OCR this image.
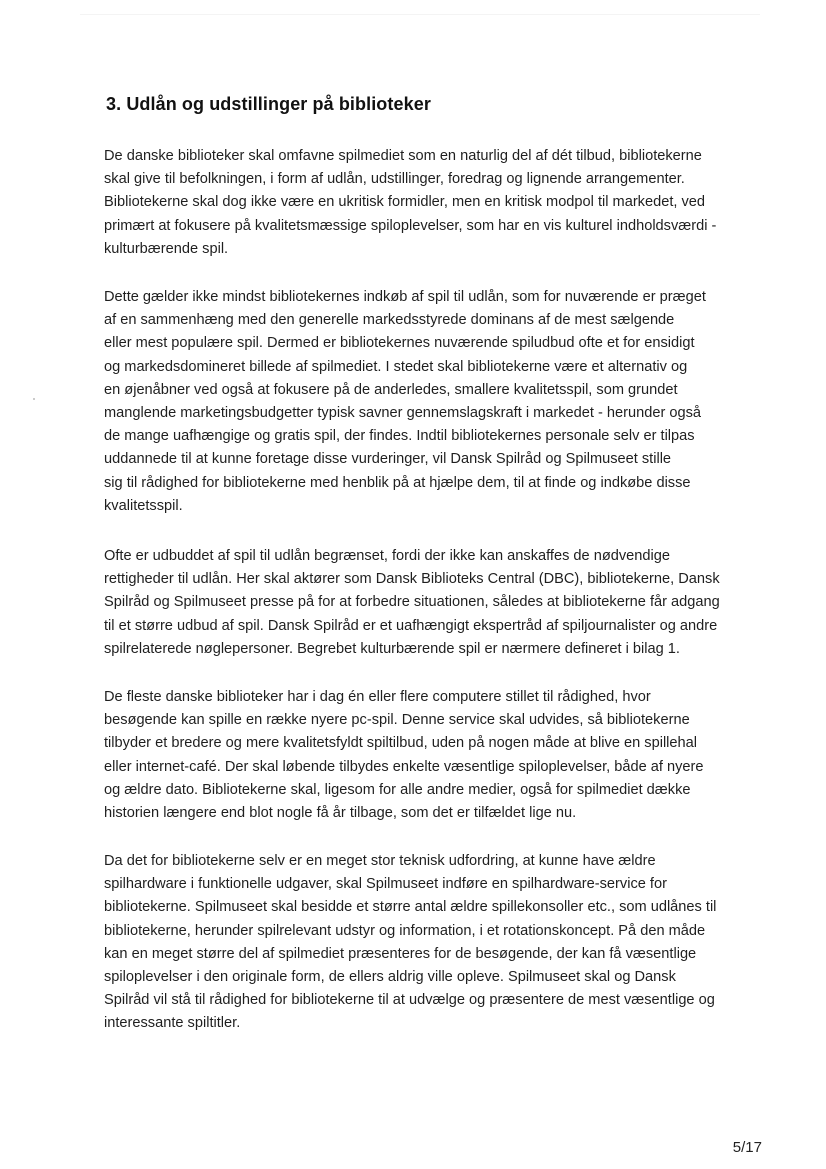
3. Udlån og udstillinger på biblioteker

De danske biblioteker skal omfavne spilmediet som en naturlig del af dét tilbud, bibliotekerne
skal give til befolkningen, i form af udlån, udstillinger, foredrag og lignende arrangementer.
Bibliotekerne skal dog ikke være en ukritisk formidler, men en kritisk modpol til markedet, ved
primært at fokusere på kvalitetsmæssige spiloplevelser, som har en vis kulturel indholdsværdi -
kulturbærende spil.

Dette gælder ikke mindst bibliotekernes indkøb af spil til udlån, som for nuværende er præget
af en sammenhæng med den generelle markedsstyrede dominans af de mest sælgende
eller mest populære spil. Dermed er bibliotekernes nuværende spiludbud ofte et for ensidigt
og markedsdomineret billede af spilmediet. I stedet skal bibliotekerne være et alternativ og
en øjenåbner ved også at fokusere på de anderledes, smallere kvalitetsspil, som grundet
manglende marketingsbudgetter typisk savner gennemslagskraft i markedet - herunder også
de mange uafhængige og gratis spil, der findes. Indtil bibliotekernes personale selv er tilpas
uddannede til at kunne foretage disse vurderinger, vil Dansk Spilråd og Spilmuseet stille
sig til rådighed for bibliotekerne med henblik på at hjælpe dem, til at finde og indkøbe disse
kvalitetsspil.

Ofte er udbuddet af spil til udlån begrænset, fordi der ikke kan anskaffes de nødvendige
rettigheder til udlån. Her skal aktører som Dansk Biblioteks Central (DBC), bibliotekerne, Dansk
Spilråd og Spilmuseet presse på for at forbedre situationen, således at bibliotekerne får adgang
til et større udbud af spil. Dansk Spilråd er et uafhængigt ekspertråd af spiljournalister og andre
spilrelaterede nøglepersoner. Begrebet kulturbærende spil er nærmere defineret i bilag 1.

De fleste danske biblioteker har i dag én eller flere computere stillet til rådighed, hvor
besøgende kan spille en række nyere pc-spil. Denne service skal udvides, så bibliotekerne
tilbyder et bredere og mere kvalitetsfyldt spiltilbud, uden på nogen måde at blive en spillehal
eller internet-café. Der skal løbende tilbydes enkelte væsentlige spiloplevelser, både af nyere
og ældre dato. Bibliotekerne skal, ligesom for alle andre medier, også for spilmediet dække
historien længere end blot nogle få år tilbage, som det er tilfældet lige nu.

Da det for bibliotekerne selv er en meget stor teknisk udfordring, at kunne have ældre
spilhardware i funktionelle udgaver, skal Spilmuseet indføre en spilhardware-service for
bibliotekerne. Spilmuseet skal besidde et større antal ældre spillekonsoller etc., som udlånes til
bibliotekerne, herunder spilrelevant udstyr og information, i et rotationskoncept. På den måde
kan en meget større del af spilmediet præsenteres for de besøgende, der kan få væsentlige
spiloplevelser i den originale form, de ellers aldrig ville opleve. Spilmuseet skal og Dansk
Spilråd vil stå til rådighed for bibliotekerne til at udvælge og præsentere de mest væsentlige og
interessante spiltitler.

5/17
